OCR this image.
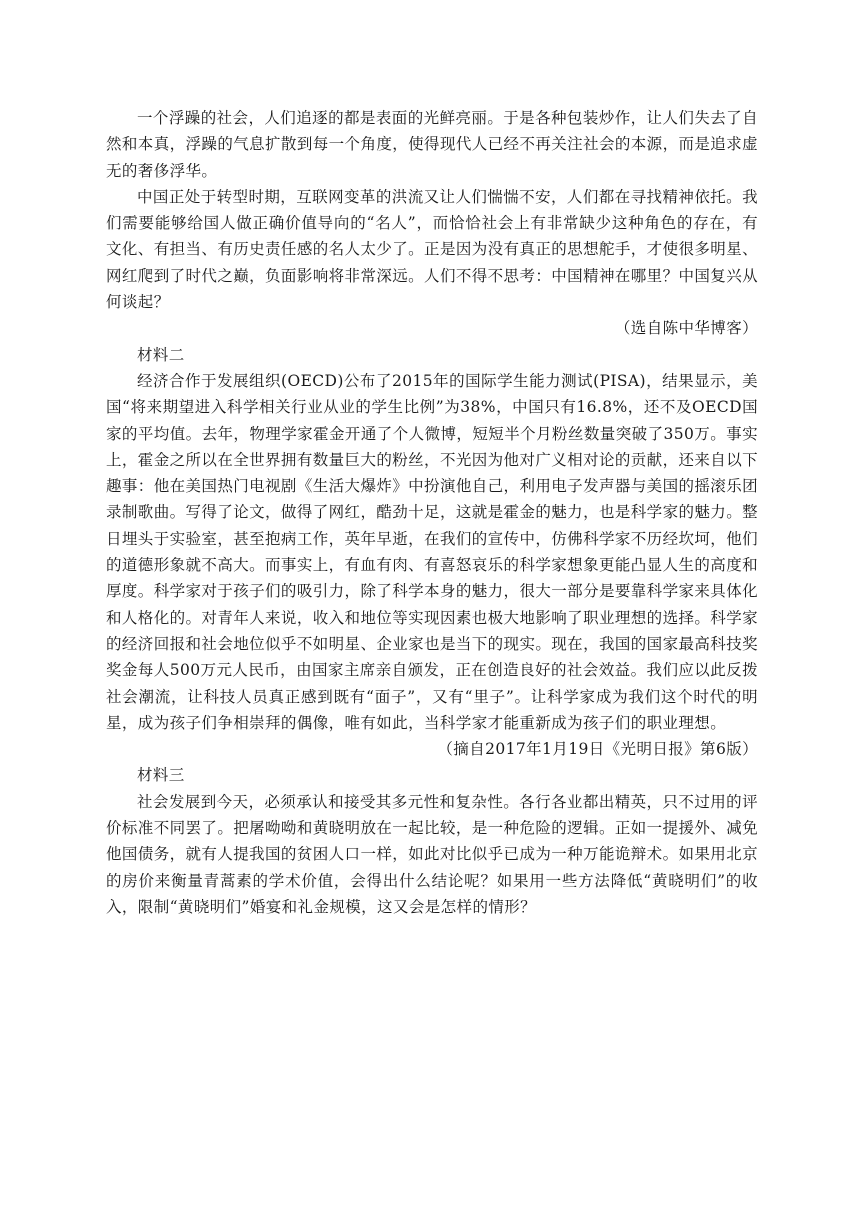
一个浮躁的社会，人们追逐的都是表面的光鲜亮丽。于是各种包装炒作，让人们失去了自然和本真，浮躁的气息扩散到每一个角度，使得现代人已经不再关注社会的本源，而是追求虚无的奢侈浮华。

中国正处于转型时期，互联网变革的洪流又让人们惴惴不安，人们都在寻找精神依托。我们需要能够给国人做正确价值导向的“名人”，而恰恰社会上有非常缺少这种角色的存在，有文化、有担当、有历史责任感的名人太少了。正是因为没有真正的思想舵手，才使很多明星、网红爬到了时代之巅，负面影响将非常深远。人们不得不思考：中国精神在哪里？中国复兴从何谈起？

（选自陈中华博客）

材料二

经济合作于发展组织(OECD)公布了2015年的国际学生能力测试(PISA)，结果显示，美国“将来期望进入科学相关行业从业的学生比例”为38%，中国只有16.8%，还不及OECD国家的平均值。去年，物理学家霍金开通了个人微博，短短半个月粉丝数量突破了350万。事实上，霍金之所以在全世界拥有数量巨大的粉丝，不光因为他对广义相对论的贡献，还来自以下趣事：他在美国热门电视剧《生活大爆炸》中扮演他自己，利用电子发声器与美国的摇滚乐团录制歌曲。写得了论文，做得了网红，酷劲十足，这就是霍金的魅力，也是科学家的魅力。整日埋头于实验室，甚至抱病工作，英年早逝，在我们的宣传中，仿佛科学家不历经坎坷，他们的道德形象就不高大。而事实上，有血有肉、有喜怒哀乐的科学家想象更能凸显人生的高度和厚度。科学家对于孩子们的吸引力，除了科学本身的魅力，很大一部分是要靠科学家来具体化和人格化的。对青年人来说，收入和地位等实现因素也极大地影响了职业理想的选择。科学家的经济回报和社会地位似乎不如明星、企业家也是当下的现实。现在，我国的国家最高科技奖奖金每人500万元人民币，由国家主席亲自颁发，正在创造良好的社会效益。我们应以此反拨社会潮流，让科技人员真正感到既有“面子”，又有“里子”。让科学家成为我们这个时代的明星，成为孩子们争相崇拜的偶像，唯有如此，当科学家才能重新成为孩子们的职业理想。

（摘自2017年1月19日《光明日报》第6版）

材料三

社会发展到今天，必须承认和接受其多元性和复杂性。各行各业都出精英，只不过用的评价标准不同罢了。把屠呦呦和黄晓明放在一起比较，是一种危险的逻辑。正如一提援外、减免他国债务，就有人提我国的贫困人口一样，如此对比似乎已成为一种万能诡辩术。如果用北京的房价来衡量青蒿素的学术价值，会得出什么结论呢？如果用一些方法降低“黄晓明们”的收入，限制“黄晓明们”婚宴和礼金规模，这又会是怎样的情形？
